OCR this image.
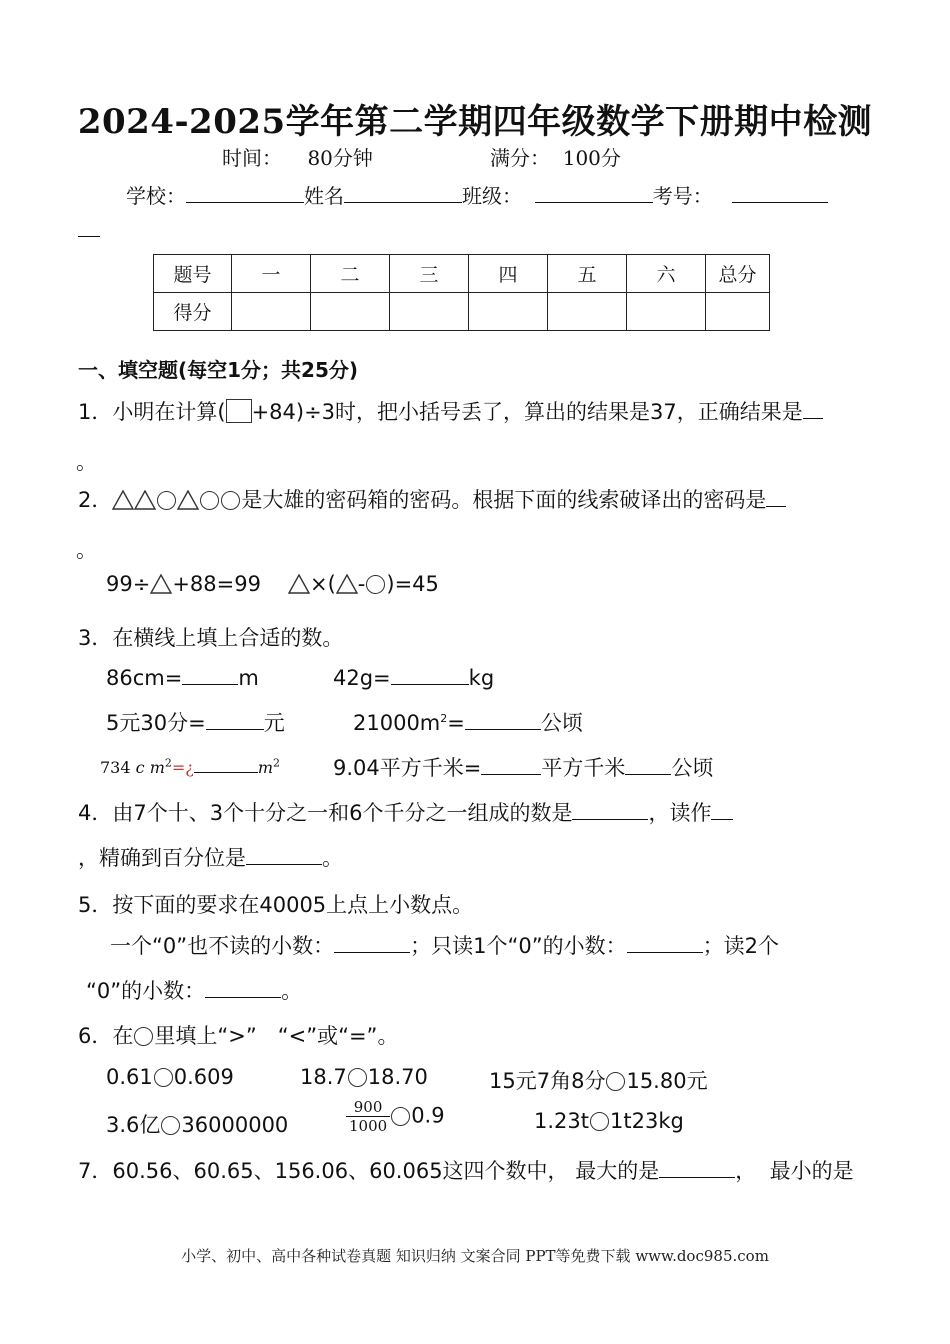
2024-2025学年第二学期四年级数学下册期中检测
时间： 80分钟	满分： 100分
学校：	姓名	班级：	考号：
题号	一	二	三	四	五	六	总分
得分							
一、填空题(每空1分；共25分)
1．小明在计算( +84)÷3时，把小括号丢了，算出的结果是37，正确结果是
。
2．	是大雄的密码箱的密码。根据下面的线索破译出的密码是
。
99÷ +88=99	×( - )=45
3．在横线上填上合适的数。
86cm=	m	42g=	kg
5元30分=	元	$21000m^2=$	公顷
734 c $m^2=¿$	$m^2$	9.04平方千米=	平方千米 公顷
4．由7个十、3个十分之一和6个千分之一组成的数是	，读作
，精确到百分位是	。
5．按下面的要求在40005上点上小数点。
一个“0”也不读的小数：	；只读1个“0”的小数：	；读2个
“0”的小数：	。
6．在 里填上“>”　“<”或“=”。
0.61 0.609	18.7 18.70	15元7角8分 15.80元
3.6亿 36000000	$\frac{900}{1000} 0.9$	1.23t 1t23kg
7．60.56、60.65、156.06、60.065这四个数中， 最大的是	， 最小的是
小学、初中、高中各种试卷真题 知识归纳 文案合同 PPT等免费下载 www.doc985.com
